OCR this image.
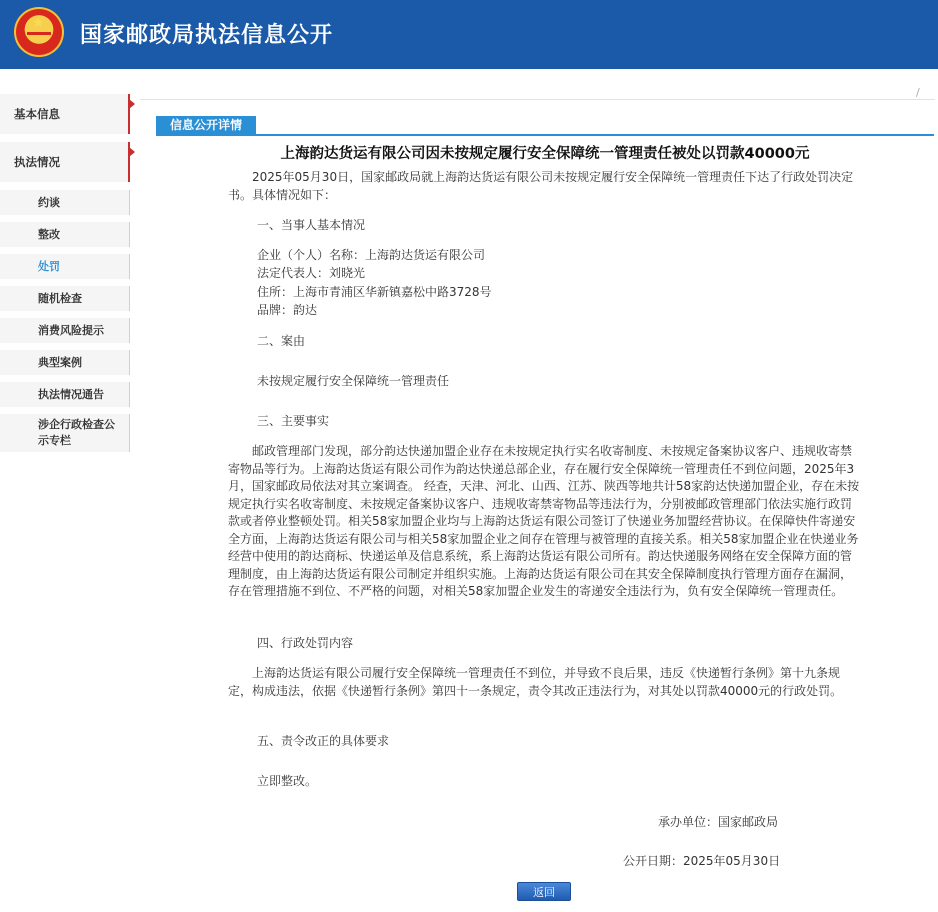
★ 国家邮政局执法信息公开
基本信息
执法情况
约谈
整改
处罚
随机检查
消费风险提示
典型案例
执法情况通告
涉企行政检查公示专栏
/
信息公开详情
上海韵达货运有限公司因未按规定履行安全保障统一管理责任被处以罚款40000元

2025年05月30日，国家邮政局就上海韵达货运有限公司未按规定履行安全保障统一管理责任下达了行政处罚决定书。具体情况如下：

一、当事人基本情况
企业（个人）名称：上海韵达货运有限公司
法定代表人：刘晓光
住所：上海市青浦区华新镇嘉松中路3728号
品牌：韵达
二、案由
未按规定履行安全保障统一管理责任
三、主要事实

邮政管理部门发现，部分韵达快递加盟企业存在未按规定执行实名收寄制度、未按规定备案协议客户、违规收寄禁寄物品等行为。上海韵达货运有限公司作为韵达快递总部企业，存在履行安全保障统一管理责任不到位问题，2025年3月，国家邮政局依法对其立案调查。 经查，天津、河北、山西、江苏、陕西等地共计58家韵达快递加盟企业，存在未按规定执行实名收寄制度、未按规定备案协议客户、违规收寄禁寄物品等违法行为，分别被邮政管理部门依法实施行政罚款或者停业整顿处罚。相关58家加盟企业均与上海韵达货运有限公司签订了快递业务加盟经营协议。在保障快件寄递安全方面，上海韵达货运有限公司与相关58家加盟企业之间存在管理与被管理的直接关系。相关58家加盟企业在快递业务经营中使用的韵达商标、快递运单及信息系统，系上海韵达货运有限公司所有。韵达快递服务网络在安全保障方面的管理制度，由上海韵达货运有限公司制定并组织实施。上海韵达货运有限公司在其安全保障制度执行管理方面存在漏洞，存在管理措施不到位、不严格的问题，对相关58家加盟企业发生的寄递安全违法行为，负有安全保障统一管理责任。

四、行政处罚内容

上海韵达货运有限公司履行安全保障统一管理责任不到位，并导致不良后果，违反《快递暂行条例》第十九条规定，构成违法，依据《快递暂行条例》第四十一条规定，责令其改正违法行为，对其处以罚款40000元的行政处罚。

五、责令改正的具体要求
立即整改。
承办单位：国家邮政局
公开日期：2025年05月30日
返回
